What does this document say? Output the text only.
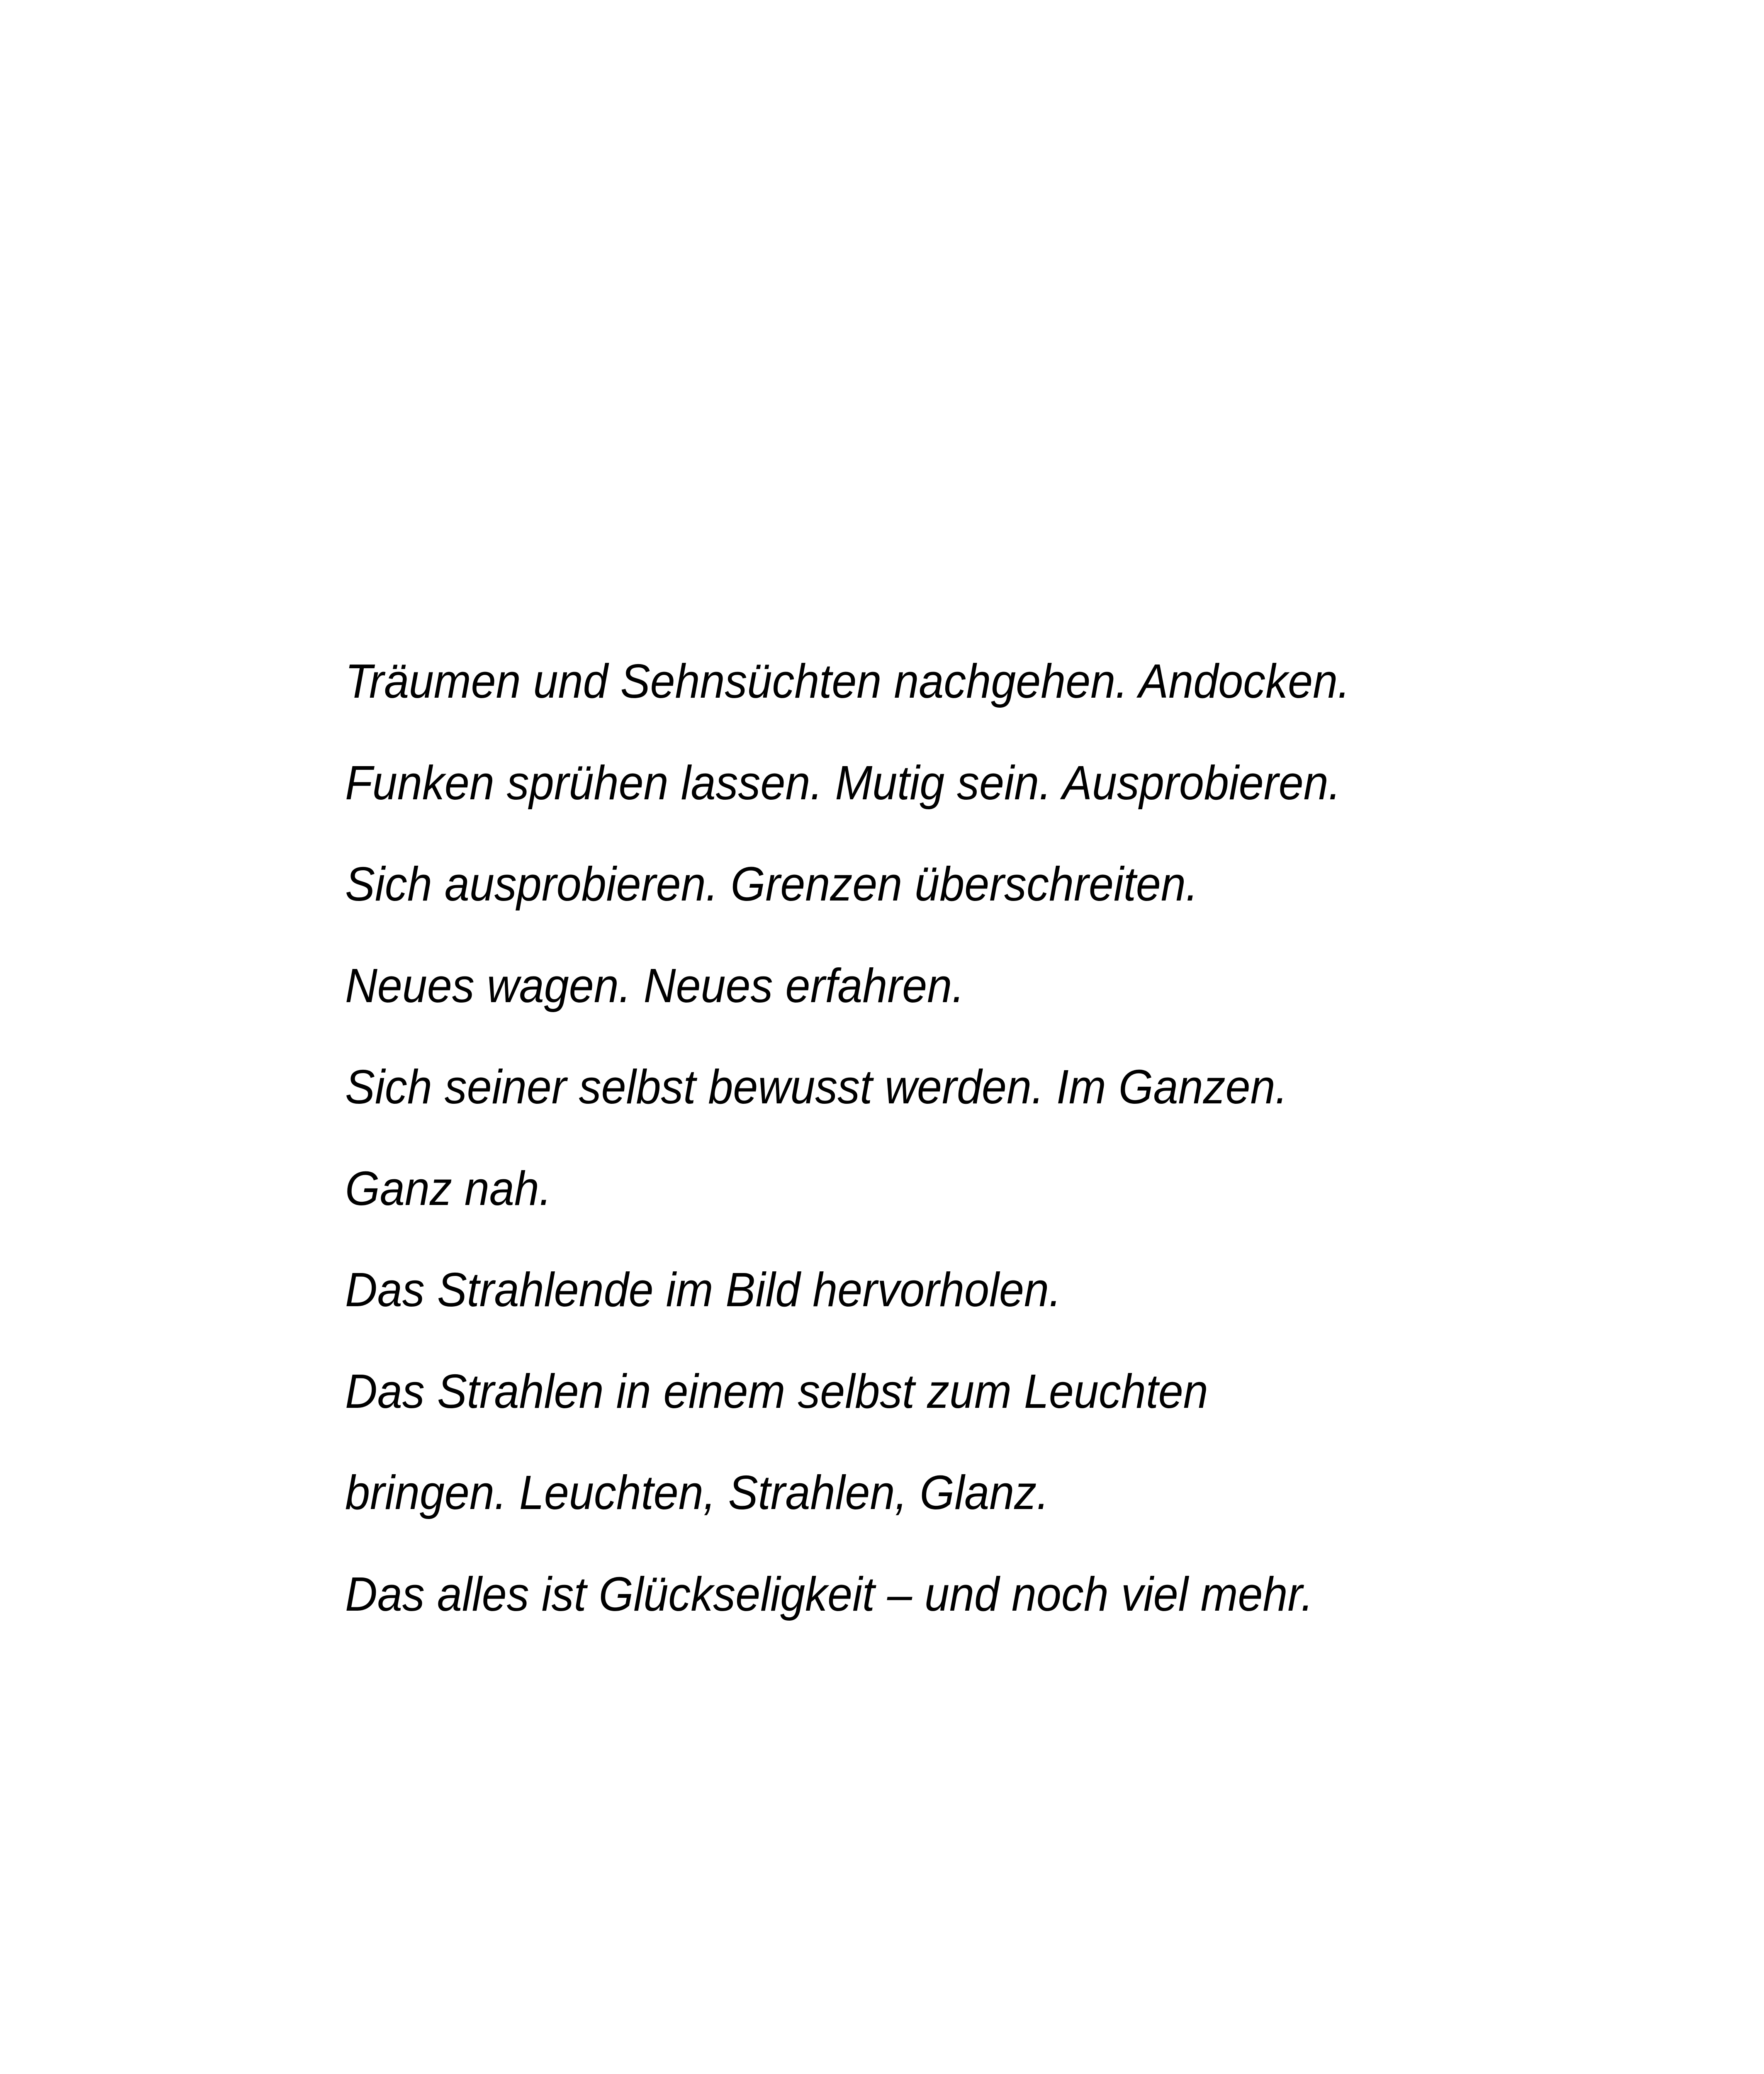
Träumen und Sehnsüchten nachgehen. Andocken.
Funken sprühen lassen. Mutig sein. Ausprobieren.
Sich ausprobieren. Grenzen überschreiten.
Neues wagen. Neues erfahren.
Sich seiner selbst bewusst werden. Im Ganzen.
Ganz nah.
Das Strahlende im Bild hervorholen.
Das Strahlen in einem selbst zum Leuchten
bringen. Leuchten, Strahlen, Glanz.
Das alles ist Glückseligkeit – und noch viel mehr.
